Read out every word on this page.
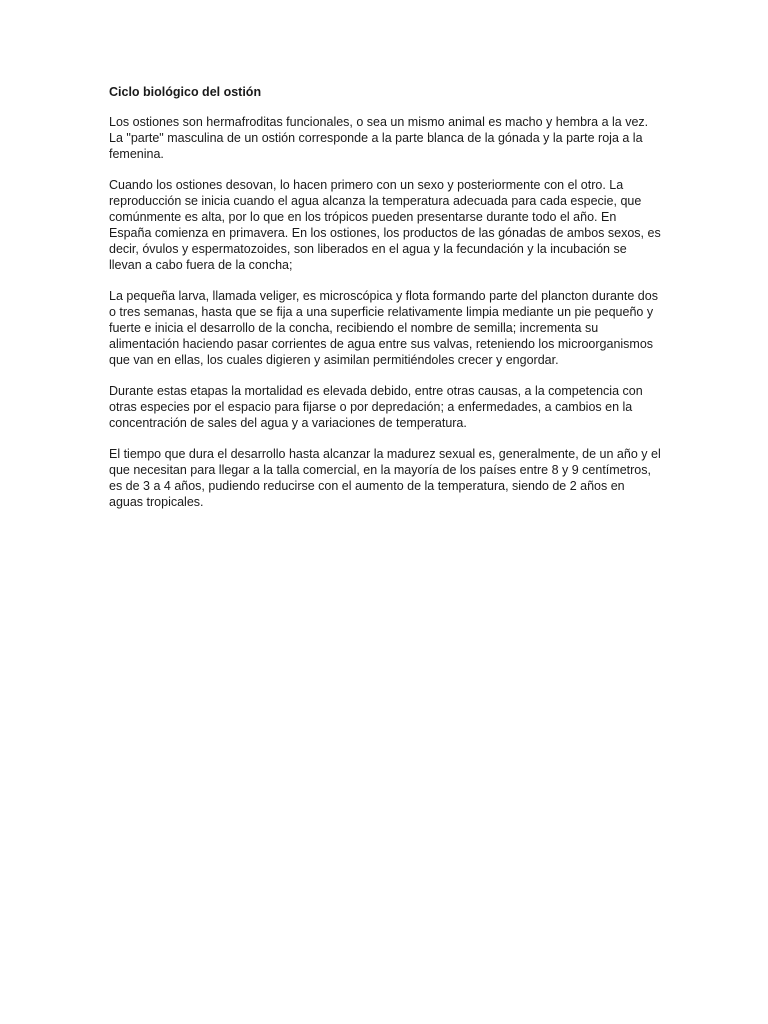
Ciclo biológico del ostión

Los ostiones son hermafroditas funcionales, o sea un mismo animal es macho y hembra a la vez. La "parte" masculina de un ostión corresponde a la parte blanca de la gónada y la parte roja a la femenina.

Cuando los ostiones desovan, lo hacen primero con un sexo y posteriormente con el otro. La reproducción se inicia cuando el agua alcanza la temperatura adecuada para cada especie, que comúnmente es alta, por lo que en los trópicos pueden presentarse durante todo el año. En España comienza en primavera. En los ostiones, los productos de las gónadas de ambos sexos, es decir, óvulos y espermatozoides, son liberados en el agua y la fecundación y la incubación se llevan a cabo fuera de la concha;

La pequeña larva, llamada veliger, es microscópica y flota formando parte del plancton durante dos o tres semanas, hasta que se fija a una superficie relativamente limpia mediante un pie pequeño y fuerte e inicia el desarrollo de la concha, recibiendo el nombre de semilla; incrementa su alimentación haciendo pasar corrientes de agua entre sus valvas, reteniendo los microorganismos que van en ellas, los cuales digieren y asimilan permitiéndoles crecer y engordar.

Durante estas etapas la mortalidad es elevada debido, entre otras causas, a la competencia con otras especies por el espacio para fijarse o por depredación; a enfermedades, a cambios en la concentración de sales del agua y a variaciones de temperatura.

El tiempo que dura el desarrollo hasta alcanzar la madurez sexual es, generalmente, de un año y el que necesitan para llegar a la talla comercial, en la mayoría de los países entre 8 y 9 centímetros, es de 3 a 4 años, pudiendo reducirse con el aumento de la temperatura, siendo de 2 años en aguas tropicales.
